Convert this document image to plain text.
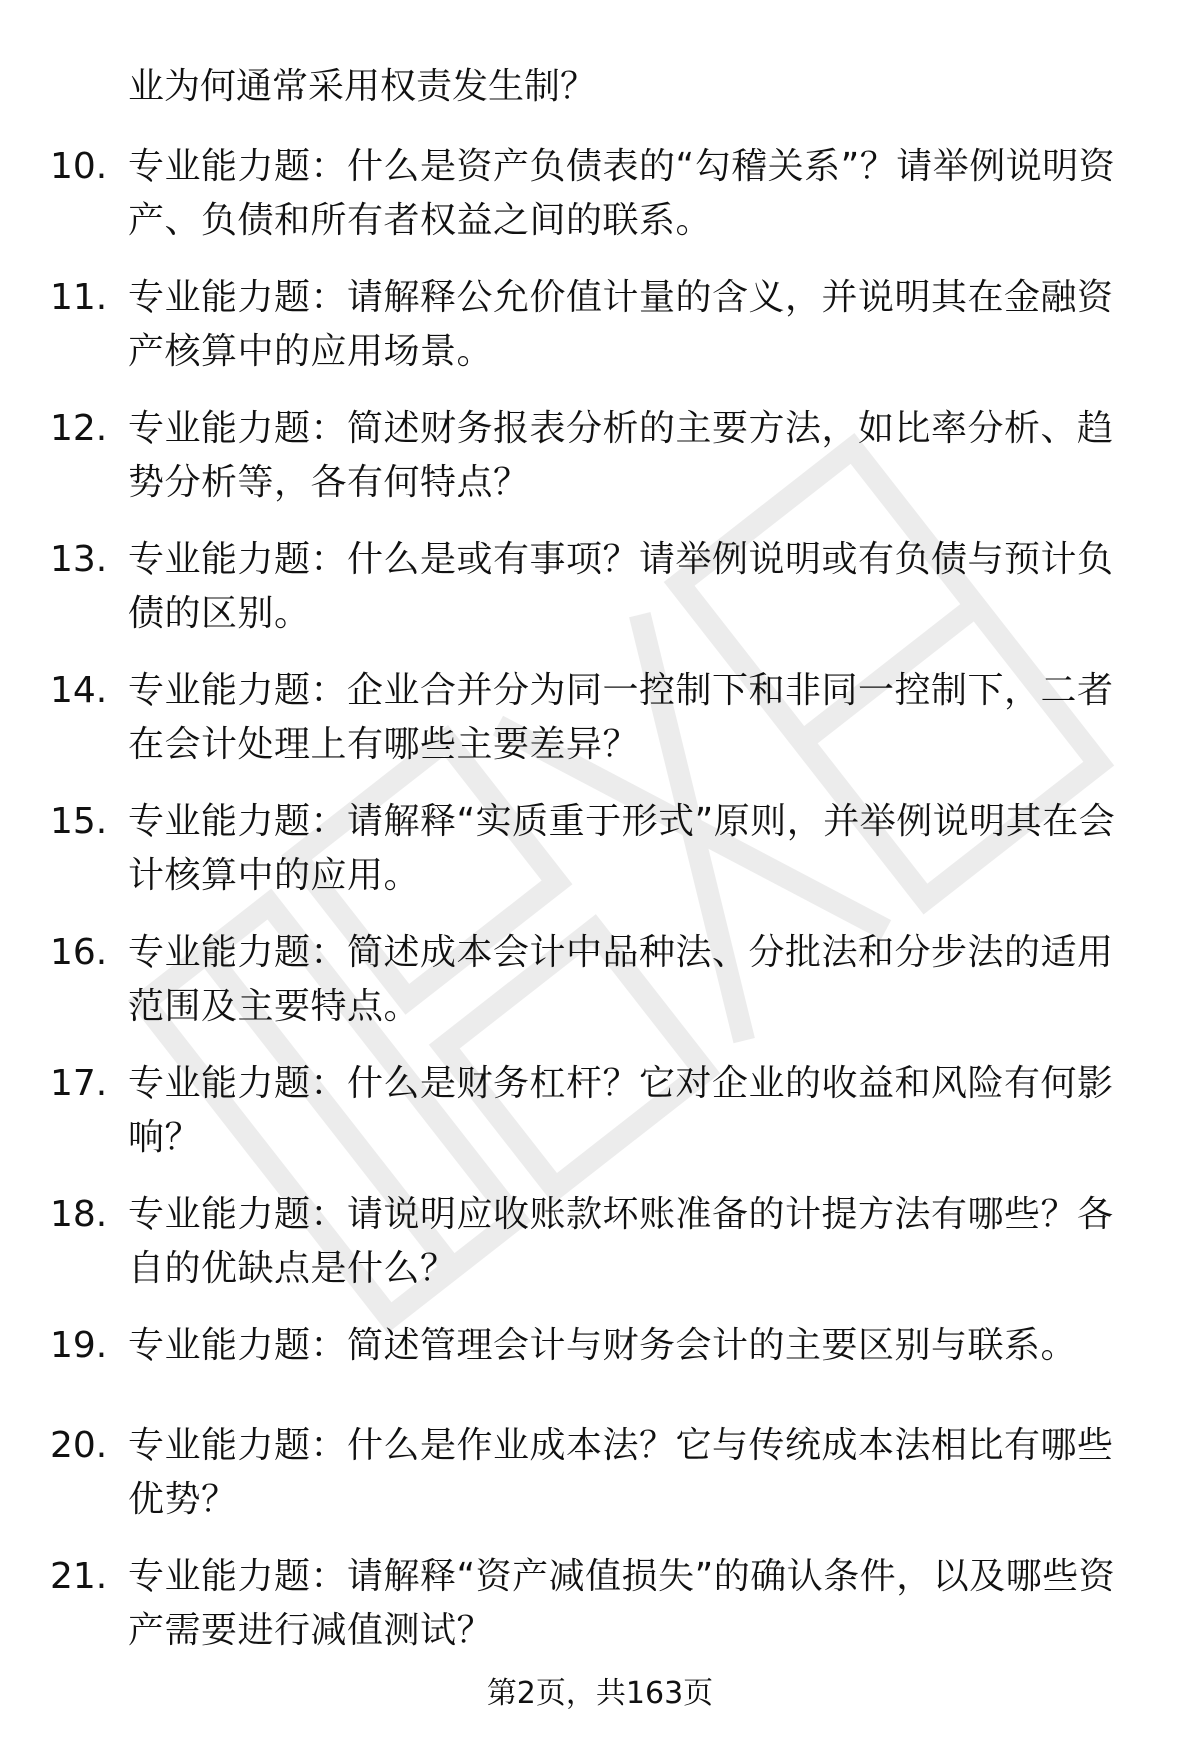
业为何通常采用权责发生制？
10. 专业能力题：什么是资产负债表的“勾稽关系”？请举例说明资产、负债和所有者权益之间的联系。
11. 专业能力题：请解释公允价值计量的含义，并说明其在金融资产核算中的应用场景。
12. 专业能力题：简述财务报表分析的主要方法，如比率分析、趋势分析等，各有何特点？
13. 专业能力题：什么是或有事项？请举例说明或有负债与预计负债的区别。
14. 专业能力题：企业合并分为同一控制下和非同一控制下，二者在会计处理上有哪些主要差异？
15. 专业能力题：请解释“实质重于形式”原则，并举例说明其在会计核算中的应用。
16. 专业能力题：简述成本会计中品种法、分批法和分步法的适用范围及主要特点。
17. 专业能力题：什么是财务杠杆？它对企业的收益和风险有何影响？
18. 专业能力题：请说明应收账款坏账准备的计提方法有哪些？各自的优缺点是什么？
19. 专业能力题：简述管理会计与财务会计的主要区别与联系。
20. 专业能力题：什么是作业成本法？它与传统成本法相比有哪些优势？
21. 专业能力题：请解释“资产减值损失”的确认条件，以及哪些资产需要进行减值测试？
第2页，共163页
